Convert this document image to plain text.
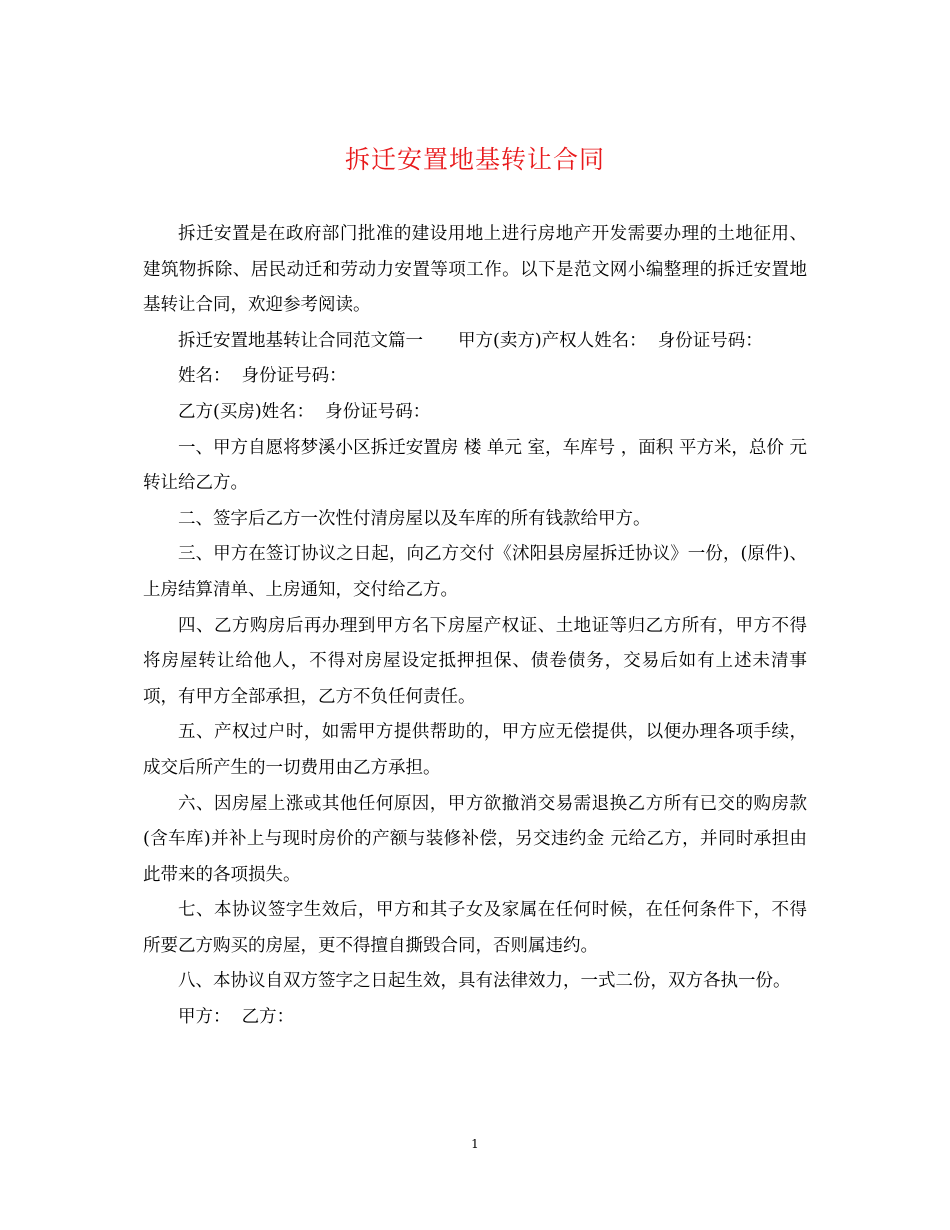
拆迁安置地基转让合同

拆迁安置是在政府部门批准的建设用地上进行房地产开发需要办理的土地征用、建筑物拆除、居民动迁和劳动力安置等项工作。以下是范文网小编整理的拆迁安置地基转让合同，欢迎参考阅读。

拆迁安置地基转让合同范文篇一　　甲方(卖方)产权人姓名：  身份证号码：

姓名：  身份证号码：

乙方(买房)姓名：  身份证号码：

一、甲方自愿将梦溪小区拆迁安置房 楼 单元 室，车库号 ，面积 平方米，总价 元转让给乙方。

二、签字后乙方一次性付清房屋以及车库的所有钱款给甲方。

三、甲方在签订协议之日起，向乙方交付《沭阳县房屋拆迁协议》一份，(原件)、上房结算清单、上房通知，交付给乙方。

四、乙方购房后再办理到甲方名下房屋产权证、土地证等归乙方所有，甲方不得将房屋转让给他人，不得对房屋设定抵押担保、债卷债务，交易后如有上述未清事项，有甲方全部承担，乙方不负任何责任。

五、产权过户时，如需甲方提供帮助的，甲方应无偿提供，以便办理各项手续，成交后所产生的一切费用由乙方承担。

六、因房屋上涨或其他任何原因，甲方欲撤消交易需退换乙方所有已交的购房款(含车库)并补上与现时房价的产额与装修补偿，另交违约金 元给乙方，并同时承担由此带来的各项损失。

七、本协议签字生效后，甲方和其子女及家属在任何时候，在任何条件下，不得所要乙方购买的房屋，更不得擅自撕毁合同，否则属违约。

八、本协议自双方签字之日起生效，具有法律效力，一式二份，双方各执一份。

甲方：  乙方：

1
